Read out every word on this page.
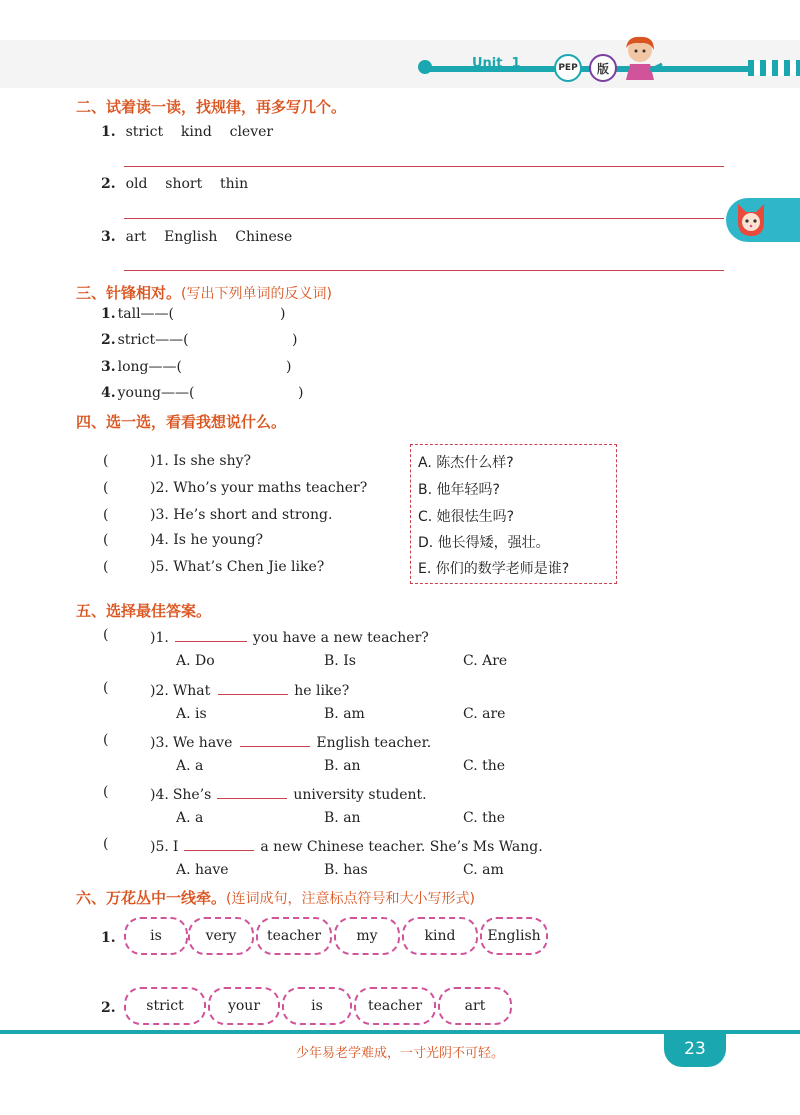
Unit  1	PEP 版
二、试着读一读，找规律，再多写几个。
1. strict    kind    clever
2. old    short    thin
3. art    English    Chinese
三、针锋相对。(写出下列单词的反义词)
1. tall——(	)
2. strict——(	)
3. long——(	)
4. young——(	)
四、选一选，看看我想说什么。
(	)1. Is she shy?
(	)2. Who’s your maths teacher?
(	)3. He’s short and strong.
(	)4. Is he young?
(	)5. What’s Chen Jie like?
A. 陈杰什么样?
B. 他年轻吗?
C. 她很怯生吗?
D. 他长得矮，强壮。
E. 你们的数学老师是谁?
五、选择最佳答案。
(	)1.	you have a new teacher?
A. Do	B. Is	C. Are
(	)2. What	he like?
A. is	B. am	C. are
(	)3. We have	English teacher.
A. a	B. an	C. the
(	)4. She’s	university student.
A. a	B. an	C. the
(	)5. I	a new Chinese teacher. She’s Ms Wang.
A. have	B. has	C. am
六、万花丛中一线牵。(连词成句，注意标点符号和大小写形式)
1.	is	very	teacher	my	kind	English
2.	strict	your	is	teacher	art
少年易老学难成，一寸光阴不可轻。	23
